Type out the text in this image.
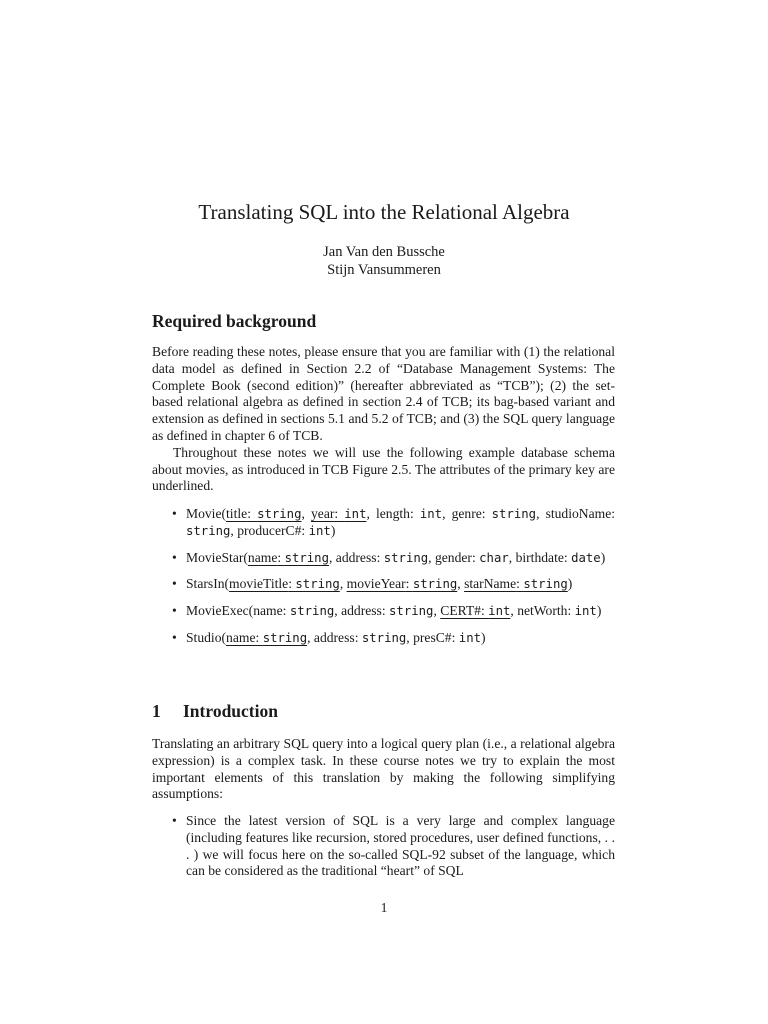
Translating SQL into the Relational Algebra
Jan Van den Bussche
Stijn Vansummeren
Required background

Before reading these notes, please ensure that you are familiar with (1) the relational data model as defined in Section 2.2 of “Database Management Systems: The Complete Book (second edition)” (hereafter abbreviated as “TCB”); (2) the set-based relational algebra as defined in section 2.4 of TCB; its bag-based variant and extension as defined in sections 5.1 and 5.2 of TCB; and (3) the SQL query language as defined in chapter 6 of TCB.

Throughout these notes we will use the following example database schema about movies, as introduced in TCB Figure 2.5. The attributes of the primary key are underlined.

• Movie(title: string, year: int, length: int, genre: string, studioName: string, producerC#: int)
• MovieStar(name: string, address: string, gender: char, birthdate: date)
• StarsIn(movieTitle: string, movieYear: string, starName: string)
• MovieExec(name: string, address: string, CERT#: int, netWorth: int)
• Studio(name: string, address: string, presC#: int)
1 Introduction

Translating an arbitrary SQL query into a logical query plan (i.e., a relational algebra expression) is a complex task. In these course notes we try to explain the most important elements of this translation by making the following simplifying assumptions:

• Since the latest version of SQL is a very large and complex language (including features like recursion, stored procedures, user defined functions, . . . ) we will focus here on the so-called SQL-92 subset of the language, which can be considered as the traditional “heart” of SQL
1
